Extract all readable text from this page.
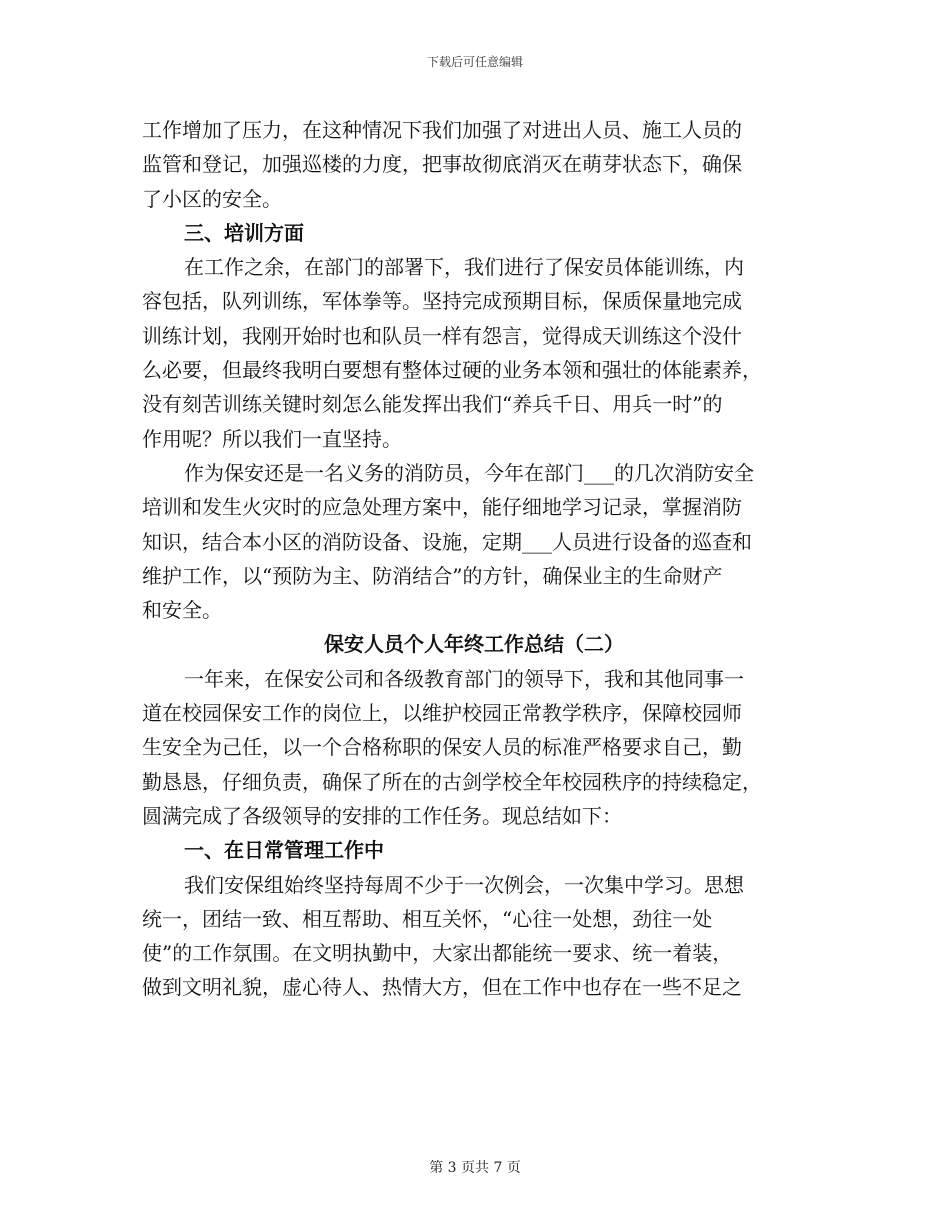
下载后可任意编辑
工作增加了压力，在这种情况下我们加强了对进出人员、施工人员的
监管和登记，加强巡楼的力度，把事故彻底消灭在萌芽状态下，确保
了小区的安全。
三、培训方面
在工作之余，在部门的部署下，我们进行了保安员体能训练，内
容包括，队列训练，军体拳等。坚持完成预期目标，保质保量地完成
训练计划，我刚开始时也和队员一样有怨言，觉得成天训练这个没什
么必要，但最终我明白要想有整体过硬的业务本领和强壮的体能素养，
没有刻苦训练关键时刻怎么能发挥出我们“养兵千日、用兵一时”的
作用呢？所以我们一直坚持。
作为保安还是一名义务的消防员，今年在部门___的几次消防安全
培训和发生火灾时的应急处理方案中，能仔细地学习记录，掌握消防
知识，结合本小区的消防设备、设施，定期___人员进行设备的巡查和
维护工作，以“预防为主、防消结合”的方针，确保业主的生命财产
和安全。
保安人员个人年终工作总结（二）
一年来，在保安公司和各级教育部门的领导下，我和其他同事一
道在校园保安工作的岗位上，以维护校园正常教学秩序，保障校园师
生安全为己任，以一个合格称职的保安人员的标准严格要求自己，勤
勤恳恳，仔细负责，确保了所在的古剑学校全年校园秩序的持续稳定，
圆满完成了各级领导的安排的工作任务。现总结如下：
一、在日常管理工作中
我们安保组始终坚持每周不少于一次例会，一次集中学习。思想
统一，团结一致、相互帮助、相互关怀，“心往一处想，劲往一处
使”的工作氛围。在文明执勤中，大家出都能统一要求、统一着装，
做到文明礼貌，虚心待人、热情大方，但在工作中也存在一些不足之
第 3 页共 7 页
